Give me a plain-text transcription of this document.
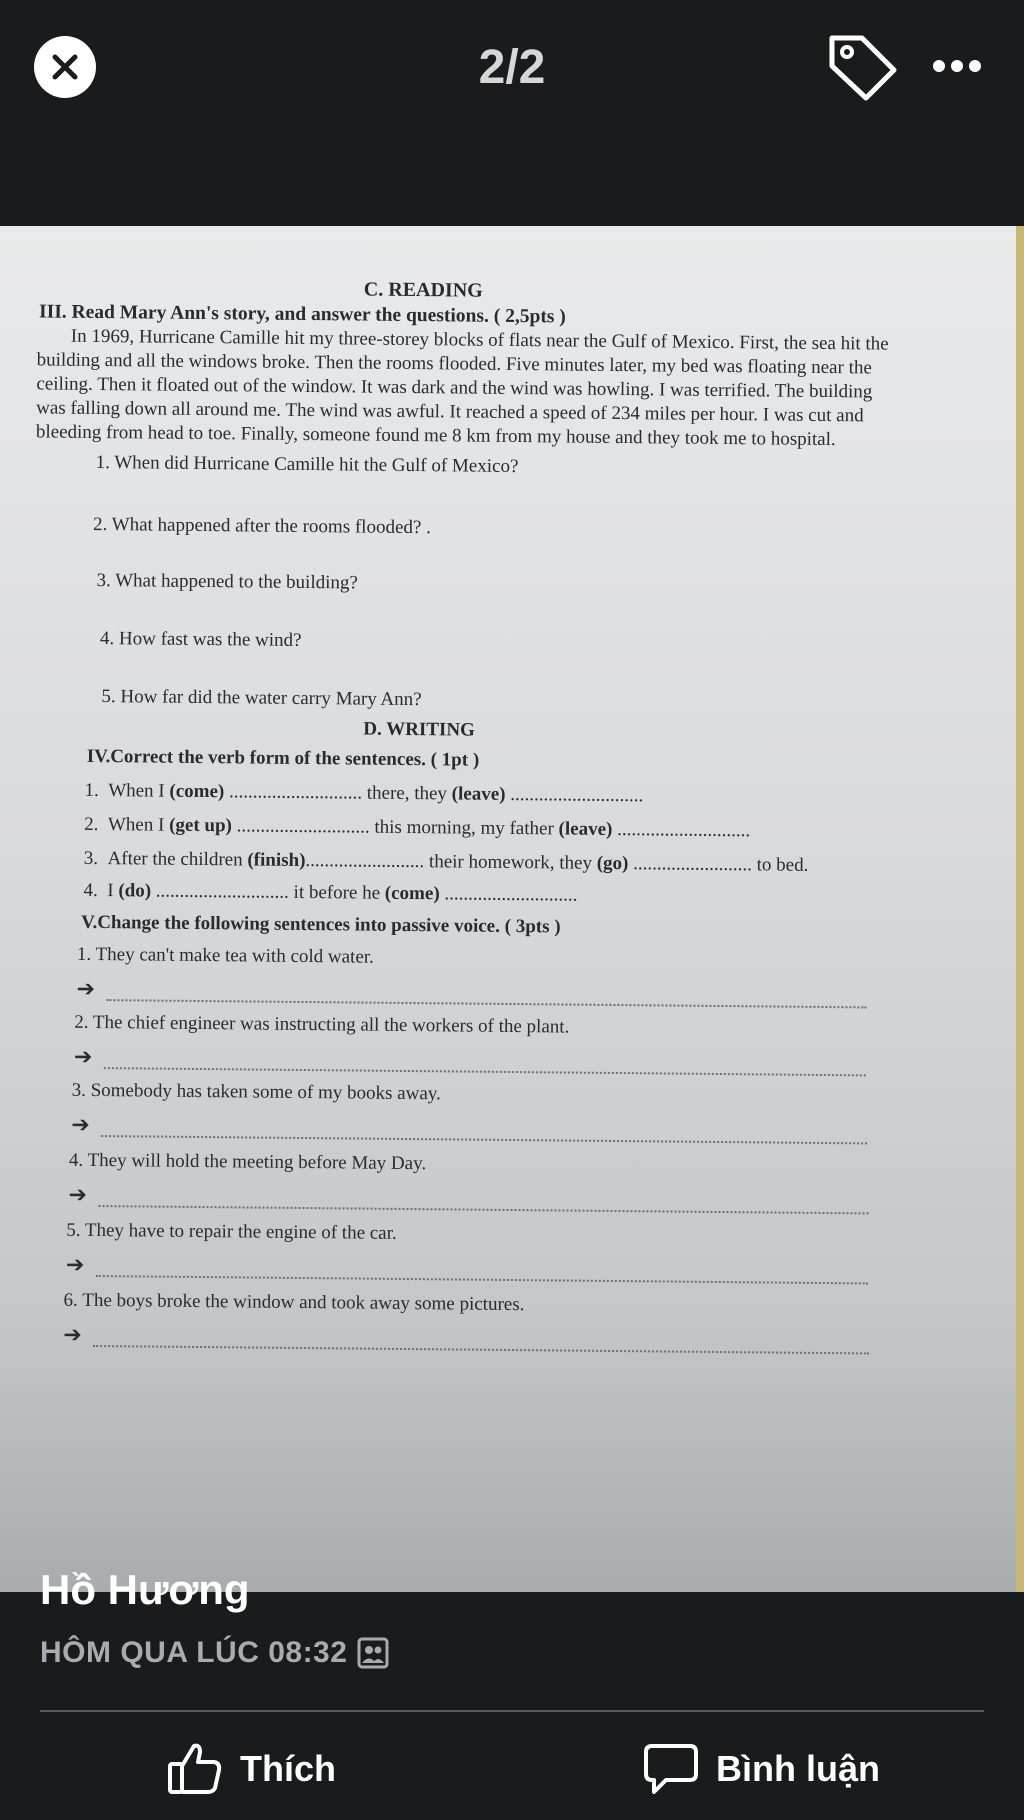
2/2
C. READING
III. Read Mary Ann's story, and answer the questions. ( 2,5pts )
In 1969, Hurricane Camille hit my three-storey blocks of flats near the Gulf of Mexico. First, the sea hit the
building and all the windows broke. Then the rooms flooded. Five minutes later, my bed was floating near the
ceiling. Then it floated out of the window. It was dark and the wind was howling. I was terrified. The building
was falling down all around me. The wind was awful. It reached a speed of 234 miles per hour. I was cut and
bleeding from head to toe. Finally, someone found me 8 km from my house and they took me to hospital.
1. When did Hurricane Camille hit the Gulf of Mexico?
2. What happened after the rooms flooded? .
3. What happened to the building?
4. How fast was the wind?
5. How far did the water carry Mary Ann?
D. WRITING
IV.Correct the verb form of the sentences. ( 1pt )
1. When I (come) ............................ there, they (leave) ............................
2. When I (get up) ............................ this morning, my father (leave) ............................
3. After the children (finish)......................... their homework, they (go) ......................... to bed.
4. I (do) ............................ it before he (come) ............................
V.Change the following sentences into passive voice. ( 3pts )
1. They can't make tea with cold water.
➔
2. The chief engineer was instructing all the workers of the plant.
➔
3. Somebody has taken some of my books away.
➔
4. They will hold the meeting before May Day.
➔
5. They have to repair the engine of the car.
➔
6. The boys broke the window and took away some pictures.
➔
Hồ Hương
HÔM QUA LÚC 08:32
Thích	Bình luận
